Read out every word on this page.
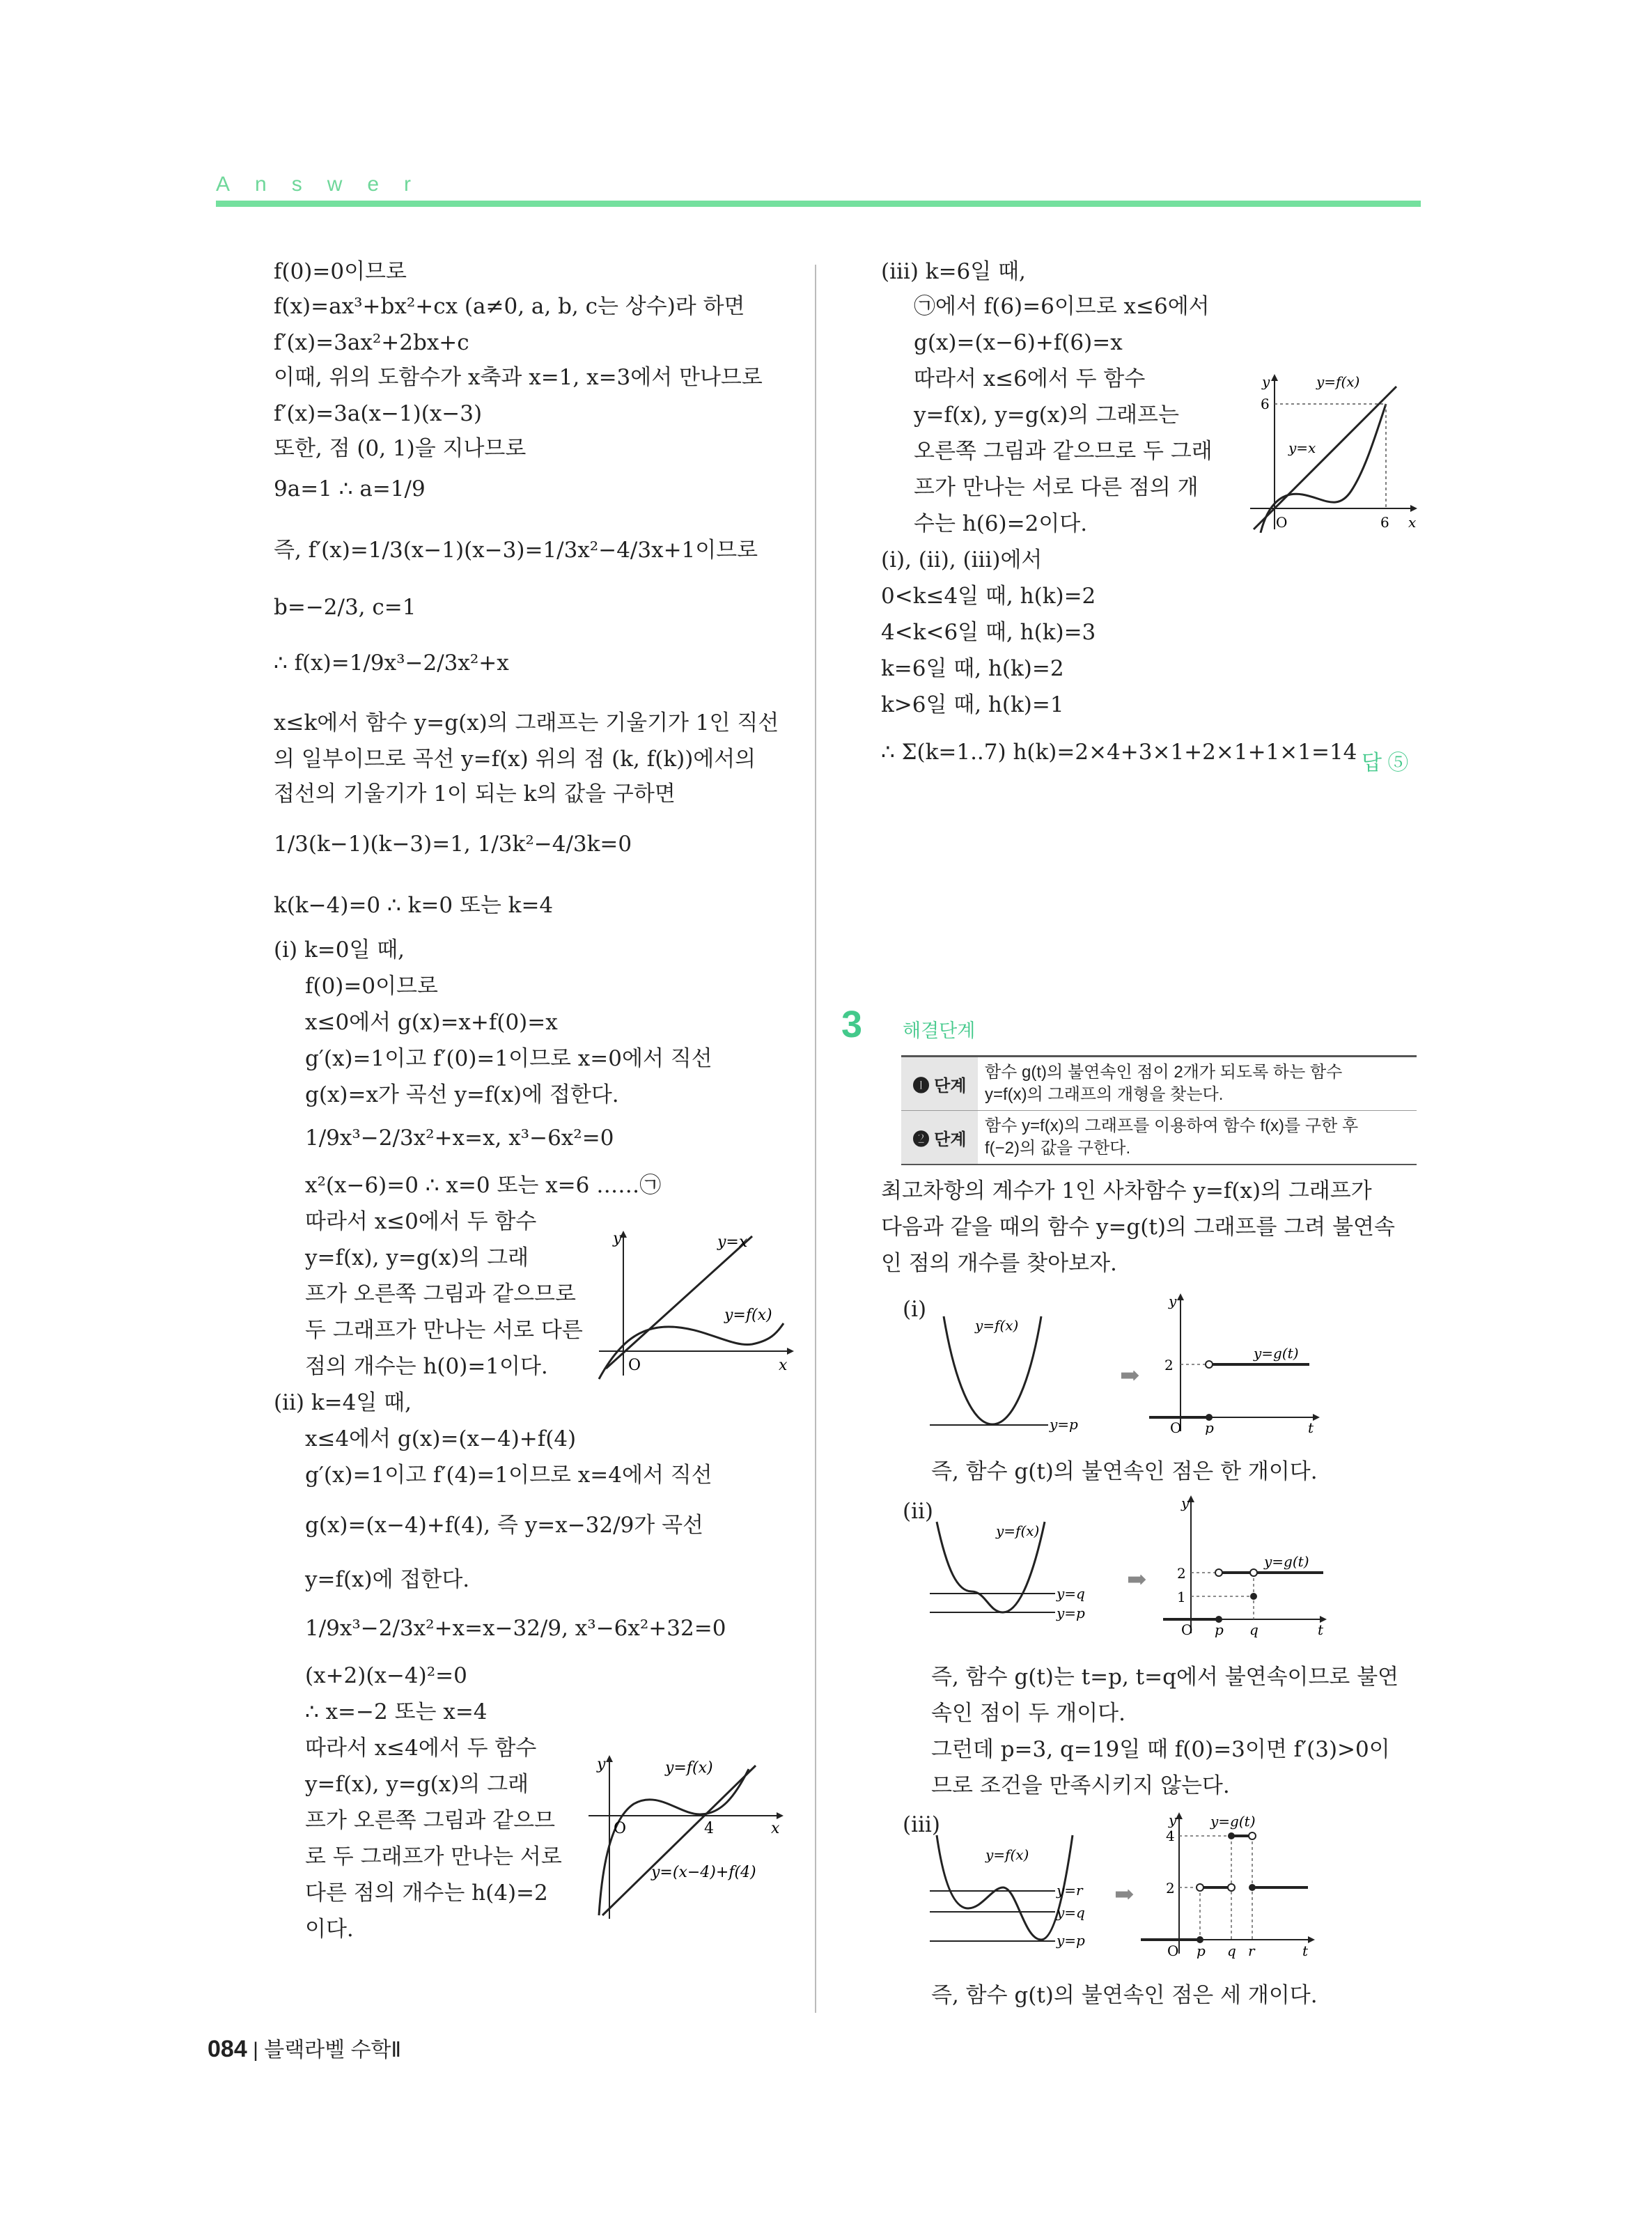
Answer
y
x
O
y=x
y=f(x)
y
x
O	4
y=f(x)
y=(x−4)+f(4)
답 ⑤
y
x
O	6
6
y=f(x)
y=x
3 해결단계
❶ 단계
함수 g(t)의 불연속인 점이 2개가 되도록 하는 함수
y=f(x)의 그래프의 개형을 찾는다.
❷ 단계
함수 y=f(x)의 그래프를 이용하여 함수 f(x)를 구한 후
f(−2)의 값을 구한다.
(ⅰ)
y=f(x)
y=p
➡
y
2
O p	t
y=g(t)
즉, 함수 g(t)의 불연속인 점은 한 개이다.
(ⅱ)
y=f(x)
y=q
y=p
➡
y
2
1
O p q	t
y=g(t)
즉, 함수 g(t)는 t=p, t=q에서 불연속이므로 불연
속인 점이 두 개이다.
그런데 p=3, q=19일 때 f(0)=3이면 f′(3)>0이
므로 조건을 만족시키지 않는다.
(ⅲ)
y=f(x)
y=r
y=q
y=p
➡
y
4
2
O p q r	t
y=g(t)
즉, 함수 g(t)의 불연속인 점은 세 개이다.
084 | 블랙라벨 수학Ⅱ
f(0)=0이므로
f(x)=ax³+bx²+cx (a≠0, a, b, c는 상수)라 하면
f′(x)=3ax²+2bx+c
이때, 위의 도함수가 x축과 x=1, x=3에서 만나므로
f′(x)=3a(x−1)(x−3)
또한, 점 (0, 1)을 지나므로
9a=1 ∴ a=1/9
즉, f′(x)=1/3(x−1)(x−3)=1/3x²−4/3x+1이므로
b=−2/3, c=1
∴ f(x)=1/9x³−2/3x²+x
x≤k에서 함수 y=g(x)의 그래프는 기울기가 1인 직선
의 일부이므로 곡선 y=f(x) 위의 점 (k, f(k))에서의
접선의 기울기가 1이 되는 k의 값을 구하면
1/3(k−1)(k−3)=1, 1/3k²−4/3k=0
k(k−4)=0 ∴ k=0 또는 k=4
(ⅰ) k=0일 때,
f(0)=0이므로
x≤0에서 g(x)=x+f(0)=x
g′(x)=1이고 f′(0)=1이므로 x=0에서 직선
g(x)=x가 곡선 y=f(x)에 접한다.
1/9x³−2/3x²+x=x, x³−6x²=0
x²(x−6)=0 ∴ x=0 또는 x=6 ……㉠
따라서 x≤0에서 두 함수
y=f(x), y=g(x)의 그래
프가 오른쪽 그림과 같으므로
두 그래프가 만나는 서로 다른
점의 개수는 h(0)=1이다.
(ⅱ) k=4일 때,
x≤4에서 g(x)=(x−4)+f(4)
g′(x)=1이고 f′(4)=1이므로 x=4에서 직선
g(x)=(x−4)+f(4), 즉 y=x−32/9가 곡선
y=f(x)에 접한다.
1/9x³−2/3x²+x=x−32/9, x³−6x²+32=0
(x+2)(x−4)²=0
∴ x=−2 또는 x=4
따라서 x≤4에서 두 함수
y=f(x), y=g(x)의 그래
프가 오른쪽 그림과 같으므
로 두 그래프가 만나는 서로
다른 점의 개수는 h(4)=2
이다.
(ⅲ) k=6일 때,
㉠에서 f(6)=6이므로 x≤6에서
g(x)=(x−6)+f(6)=x
따라서 x≤6에서 두 함수
y=f(x), y=g(x)의 그래프는
오른쪽 그림과 같으므로 두 그래
프가 만나는 서로 다른 점의 개
수는 h(6)=2이다.
(ⅰ), (ⅱ), (ⅲ)에서
0<k≤4일 때, h(k)=2
4<k<6일 때, h(k)=3
k=6일 때, h(k)=2
k>6일 때, h(k)=1
∴ Σ(k=1..7) h(k)=2×4+3×1+2×1+1×1=14
최고차항의 계수가 1인 사차함수 y=f(x)의 그래프가
다음과 같을 때의 함수 y=g(t)의 그래프를 그려 불연속
인 점의 개수를 찾아보자.
